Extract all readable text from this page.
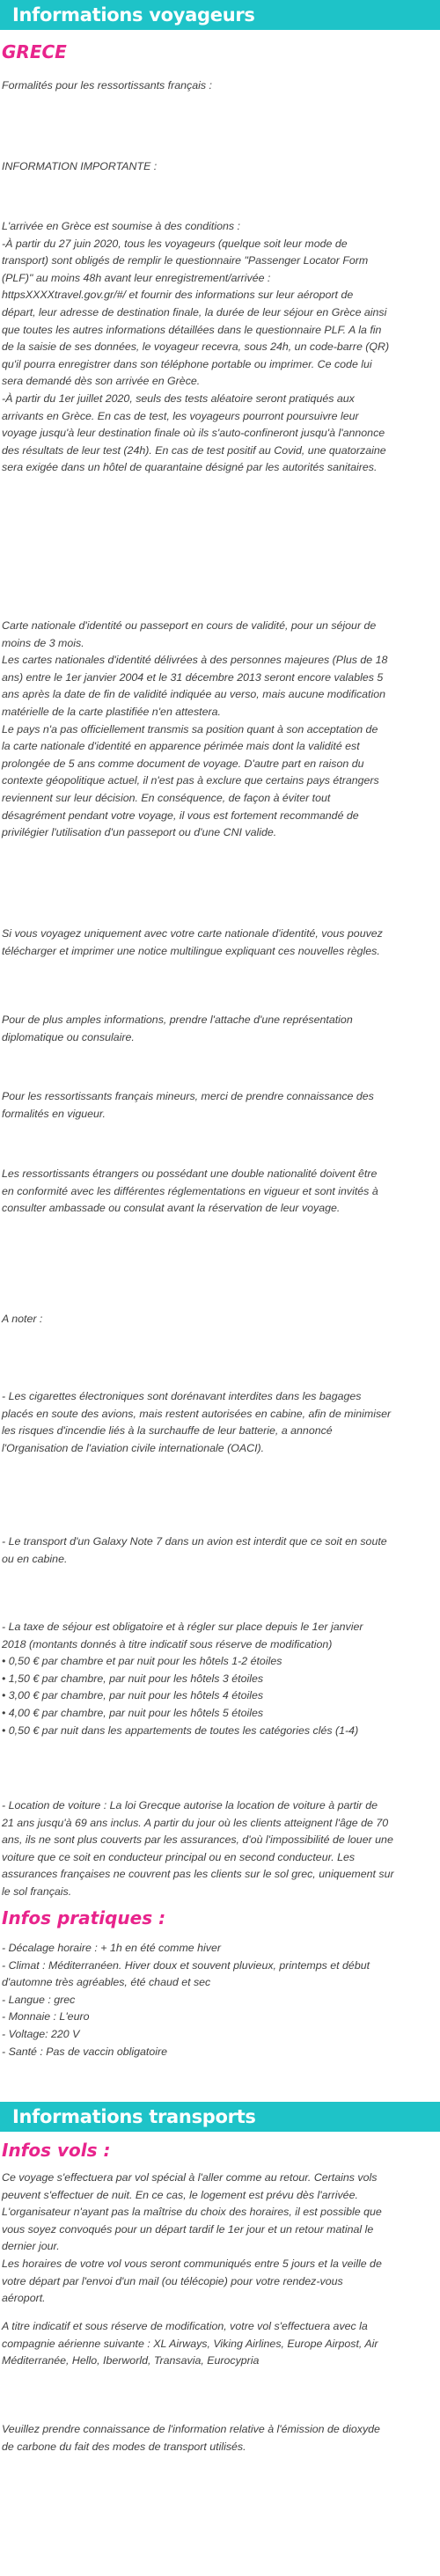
Informations voyageurs
GRECE
Formalités pour les ressortissants français :
INFORMATION IMPORTANTE :
L'arrivée en Grèce est soumise à des conditions :
-À partir du 27 juin 2020, tous les voyageurs (quelque soit leur mode de
transport) sont obligés de remplir le questionnaire "Passenger Locator Form
(PLF)" au moins 48h avant leur enregistrement/arrivée :
httpsXXXXtravel.gov.gr/#/ et fournir des informations sur leur aéroport de
départ, leur adresse de destination finale, la durée de leur séjour en Grèce ainsi
que toutes les autres informations détaillées dans le questionnaire PLF. A la fin
de la saisie de ses données, le voyageur recevra, sous 24h, un code-barre (QR)
qu'il pourra enregistrer dans son téléphone portable ou imprimer. Ce code lui
sera demandé dès son arrivée en Grèce.
-À partir du 1er juillet 2020, seuls des tests aléatoire seront pratiqués aux
arrivants en Grèce. En cas de test, les voyageurs pourront poursuivre leur
voyage jusqu'à leur destination finale où ils s'auto-confineront jusqu'à l'annonce
des résultats de leur test (24h). En cas de test positif au Covid, une quatorzaine
sera exigée dans un hôtel de quarantaine désigné par les autorités sanitaires.
Carte nationale d'identité ou passeport en cours de validité, pour un séjour de
moins de 3 mois.
Les cartes nationales d'identité délivrées à des personnes majeures (Plus de 18
ans) entre le 1er janvier 2004 et le 31 décembre 2013 seront encore valables 5
ans après la date de fin de validité indiquée au verso, mais aucune modification
matérielle de la carte plastifiée n'en attestera.
Le pays n'a pas officiellement transmis sa position quant à son acceptation de
la carte nationale d'identité en apparence périmée mais dont la validité est
prolongée de 5 ans comme document de voyage. D'autre part en raison du
contexte géopolitique actuel, il n'est pas à exclure que certains pays étrangers
reviennent sur leur décision. En conséquence, de façon à éviter tout
désagrément pendant votre voyage, il vous est fortement recommandé de
privilégier l'utilisation d'un passeport ou d'une CNI valide.
Si vous voyagez uniquement avec votre carte nationale d'identité, vous pouvez
télécharger et imprimer une notice multilingue expliquant ces nouvelles règles.
Pour de plus amples informations, prendre l'attache d'une représentation
diplomatique ou consulaire.
Pour les ressortissants français mineurs, merci de prendre connaissance des
formalités en vigueur.
Les ressortissants étrangers ou possédant une double nationalité doivent être
en conformité avec les différentes réglementations en vigueur et sont invités à
consulter ambassade ou consulat avant la réservation de leur voyage.
A noter :
- Les cigarettes électroniques sont dorénavant interdites dans les bagages
placés en soute des avions, mais restent autorisées en cabine, afin de minimiser
les risques d'incendie liés à la surchauffe de leur batterie, a annoncé
l'Organisation de l'aviation civile internationale (OACI).
- Le transport d'un Galaxy Note 7 dans un avion est interdit que ce soit en soute
ou en cabine.
- La taxe de séjour est obligatoire et à régler sur place depuis le 1er janvier
2018 (montants donnés à titre indicatif sous réserve de modification)
• 0,50 € par chambre et par nuit pour les hôtels 1-2 étoiles
• 1,50 € par chambre, par nuit pour les hôtels 3 étoiles
• 3,00 € par chambre, par nuit pour les hôtels 4 étoiles
• 4,00 € par chambre, par nuit pour les hôtels 5 étoiles
• 0,50 € par nuit dans les appartements de toutes les catégories clés (1-4)
- Location de voiture : La loi Grecque autorise la location de voiture à partir de
21 ans jusqu'à 69 ans inclus. A partir du jour où les clients atteignent l'âge de 70
ans, ils ne sont plus couverts par les assurances, d'où l'impossibilité de louer une
voiture que ce soit en conducteur principal ou en second conducteur. Les
assurances françaises ne couvrent pas les clients sur le sol grec, uniquement sur
le sol français.
Infos pratiques :
- Décalage horaire : + 1h en été comme hiver
- Climat : Méditerranéen. Hiver doux et souvent pluvieux, printemps et début
d'automne très agréables, été chaud et sec
- Langue : grec
- Monnaie : L'euro
- Voltage: 220 V
- Santé : Pas de vaccin obligatoire
Informations transports
Infos vols :
Ce voyage s'effectuera par vol spécial à l'aller comme au retour. Certains vols
peuvent s'effectuer de nuit. En ce cas, le logement est prévu dès l'arrivée.
L'organisateur n'ayant pas la maîtrise du choix des horaires, il est possible que
vous soyez convoqués pour un départ tardif le 1er jour et un retour matinal le
dernier jour.
Les horaires de votre vol vous seront communiqués entre 5 jours et la veille de
votre départ par l'envoi d'un mail (ou télécopie) pour votre rendez-vous
aéroport.
A titre indicatif et sous réserve de modification, votre vol s'effectuera avec la
compagnie aérienne suivante : XL Airways, Viking Airlines, Europe Airpost, Air
Méditerranée, Hello, Iberworld, Transavia, Eurocypria
Veuillez prendre connaissance de l'information relative à l'émission de dioxyde
de carbone du fait des modes de transport utilisés.
